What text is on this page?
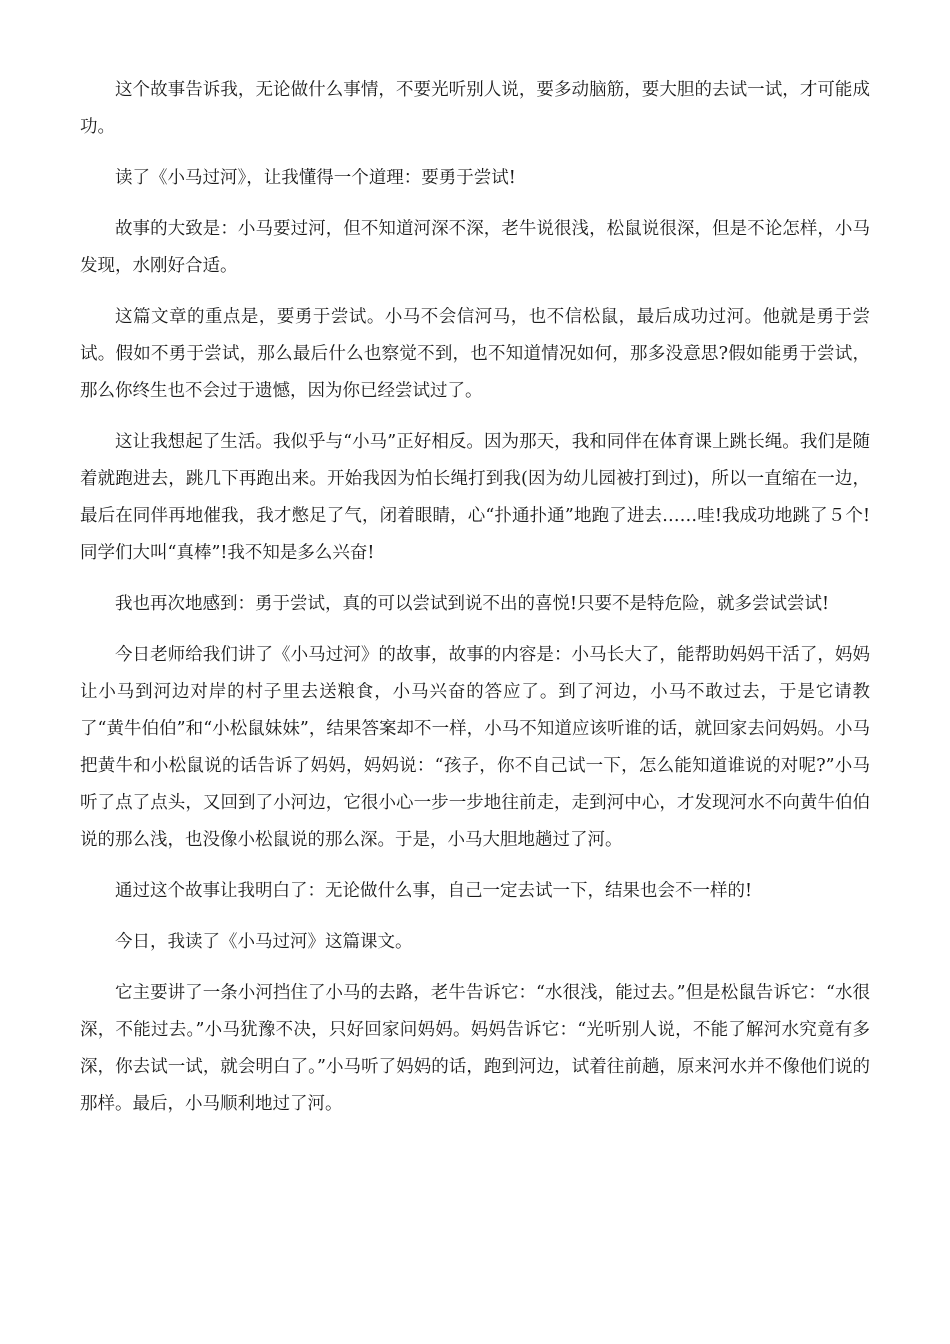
这个故事告诉我，无论做什么事情，不要光听别人说，要多动脑筋，要大胆的去试一试，才可能成功。

读了《小马过河》，让我懂得一个道理：要勇于尝试!

故事的大致是：小马要过河，但不知道河深不深，老牛说很浅，松鼠说很深，但是不论怎样，小马发现，水刚好合适。

这篇文章的重点是，要勇于尝试。小马不会信河马，也不信松鼠，最后成功过河。他就是勇于尝试。假如不勇于尝试，那么最后什么也察觉不到，也不知道情况如何，那多没意思?假如能勇于尝试，那么你终生也不会过于遗憾，因为你已经尝试过了。

这让我想起了生活。我似乎与“小马”正好相反。因为那天，我和同伴在体育课上跳长绳。我们是随着就跑进去，跳几下再跑出来。开始我因为怕长绳打到我(因为幼儿园被打到过)，所以一直缩在一边，最后在同伴再地催我，我才憋足了气，闭着眼睛，心“扑通扑通”地跑了进去……哇!我成功地跳了５个!同学们大叫“真棒”!我不知是多么兴奋!

我也再次地感到：勇于尝试，真的可以尝试到说不出的喜悦!只要不是特危险，就多尝试尝试!

今日老师给我们讲了《小马过河》的故事，故事的内容是：小马长大了，能帮助妈妈干活了，妈妈让小马到河边对岸的村子里去送粮食，小马兴奋的答应了。到了河边，小马不敢过去，于是它请教了“黄牛伯伯”和“小松鼠妹妹”，结果答案却不一样，小马不知道应该听谁的话，就回家去问妈妈。小马把黄牛和小松鼠说的话告诉了妈妈，妈妈说：“孩子，你不自己试一下，怎么能知道谁说的对呢?”小马听了点了点头，又回到了小河边，它很小心一步一步地往前走，走到河中心，才发现河水不向黄牛伯伯说的那么浅，也没像小松鼠说的那么深。于是，小马大胆地趟过了河。

通过这个故事让我明白了：无论做什么事，自己一定去试一下，结果也会不一样的!

今日，我读了《小马过河》这篇课文。

它主要讲了一条小河挡住了小马的去路，老牛告诉它：“水很浅，能过去。”但是松鼠告诉它：“水很深，不能过去。”小马犹豫不决，只好回家问妈妈。妈妈告诉它：“光听别人说，不能了解河水究竟有多深，你去试一试，就会明白了。”小马听了妈妈的话，跑到河边，试着往前趟，原来河水并不像他们说的那样。最后，小马顺利地过了河。
